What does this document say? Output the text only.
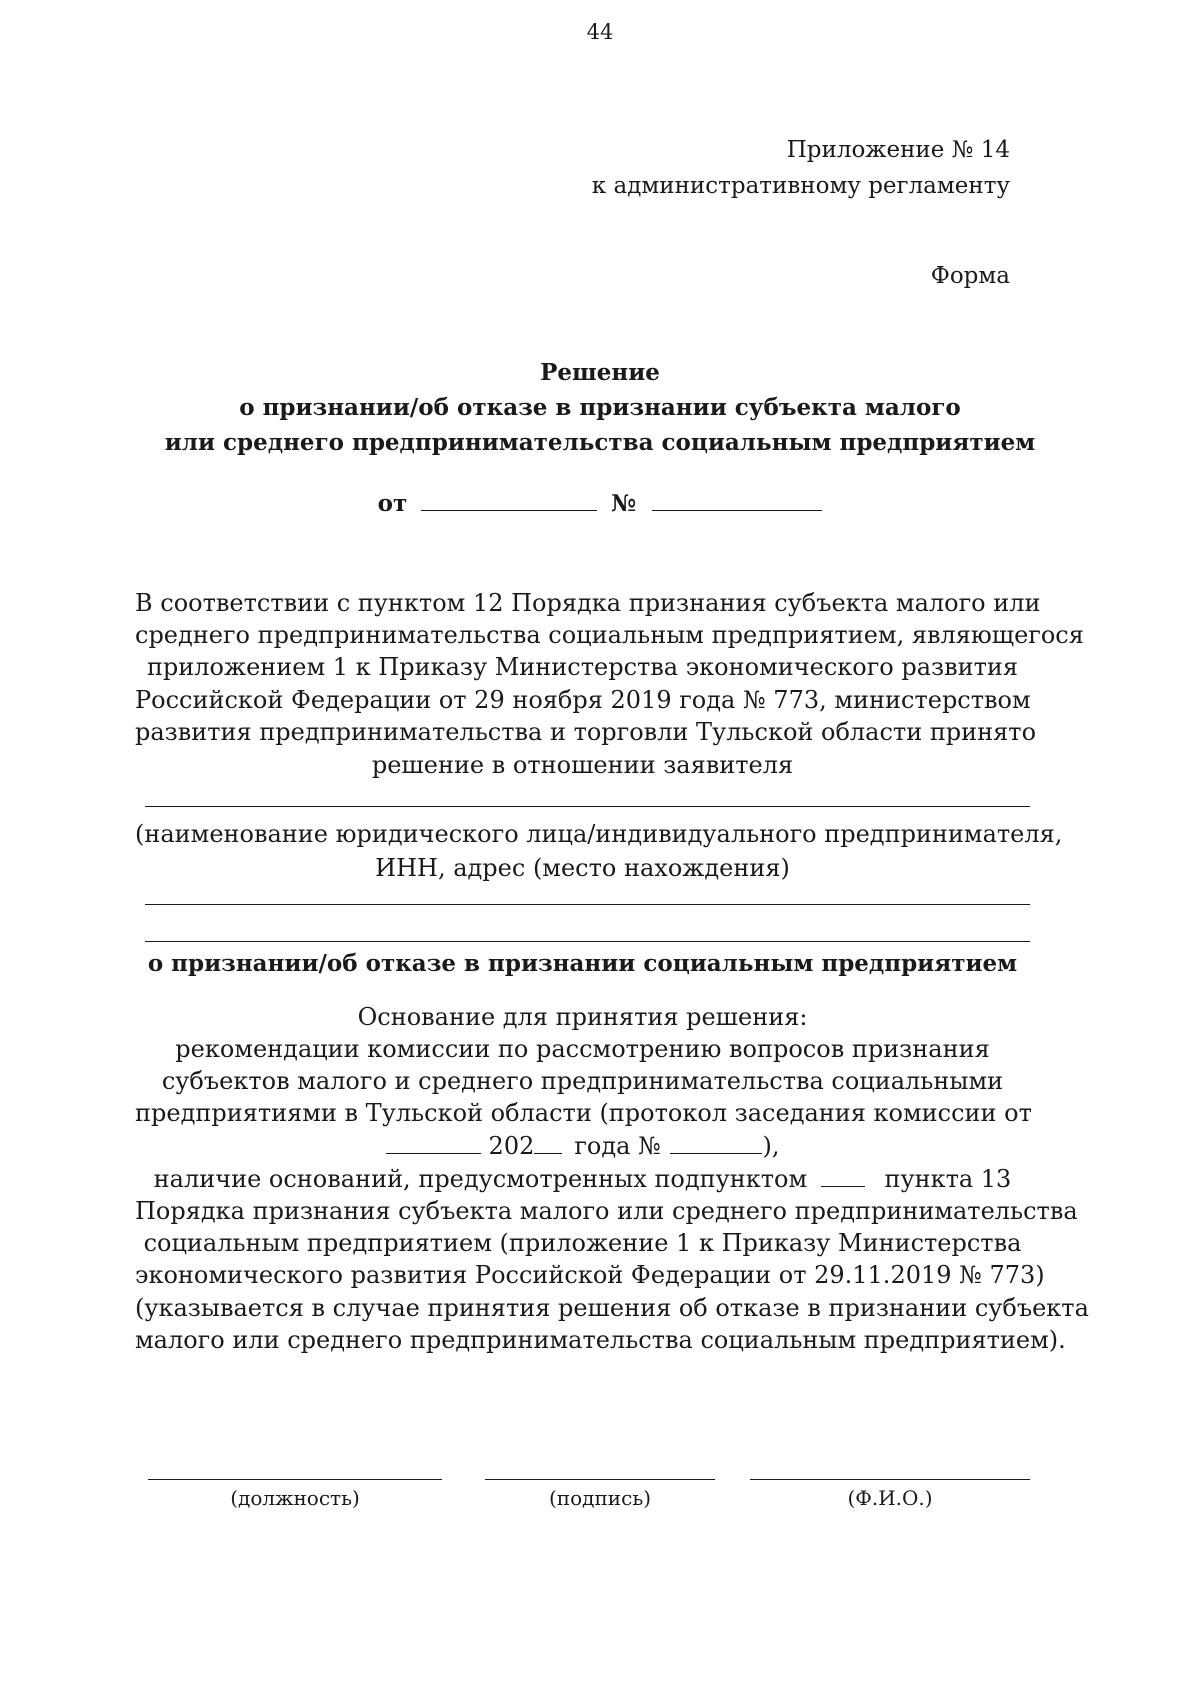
44
Приложение № 14
к административному регламенту
Форма
Решение
о признании/об отказе в признании субъекта малого
или среднего предпринимательства социальным предприятием
от	№
В соответствии с пунктом 12 Порядка признания субъекта малого или
среднего предпринимательства социальным предприятием, являющегося
приложением 1 к Приказу Министерства экономического развития
Российской Федерации от 29 ноября 2019 года № 773, министерством
развития предпринимательства и торговли Тульской области принято
решение в отношении заявителя
(наименование юридического лица/индивидуального предпринимателя,
ИНН, адрес (место нахождения)
о признании/об отказе в признании социальным предприятием
Основание для принятия решения:
рекомендации комиссии по рассмотрению вопросов признания
субъектов малого и среднего предпринимательства социальными
предприятиями в Тульской области (протокол заседания комиссии от
202 года №	),
наличие оснований, предусмотренных подпунктом	пункта 13
Порядка признания субъекта малого или среднего предпринимательства
социальным предприятием (приложение 1 к Приказу Министерства
экономического развития Российской Федерации от 29.11.2019 № 773)
(указывается в случае принятия решения об отказе в признании субъекта
малого или среднего предпринимательства социальным предприятием).
(должность)	(подпись)	(Ф.И.О.)
